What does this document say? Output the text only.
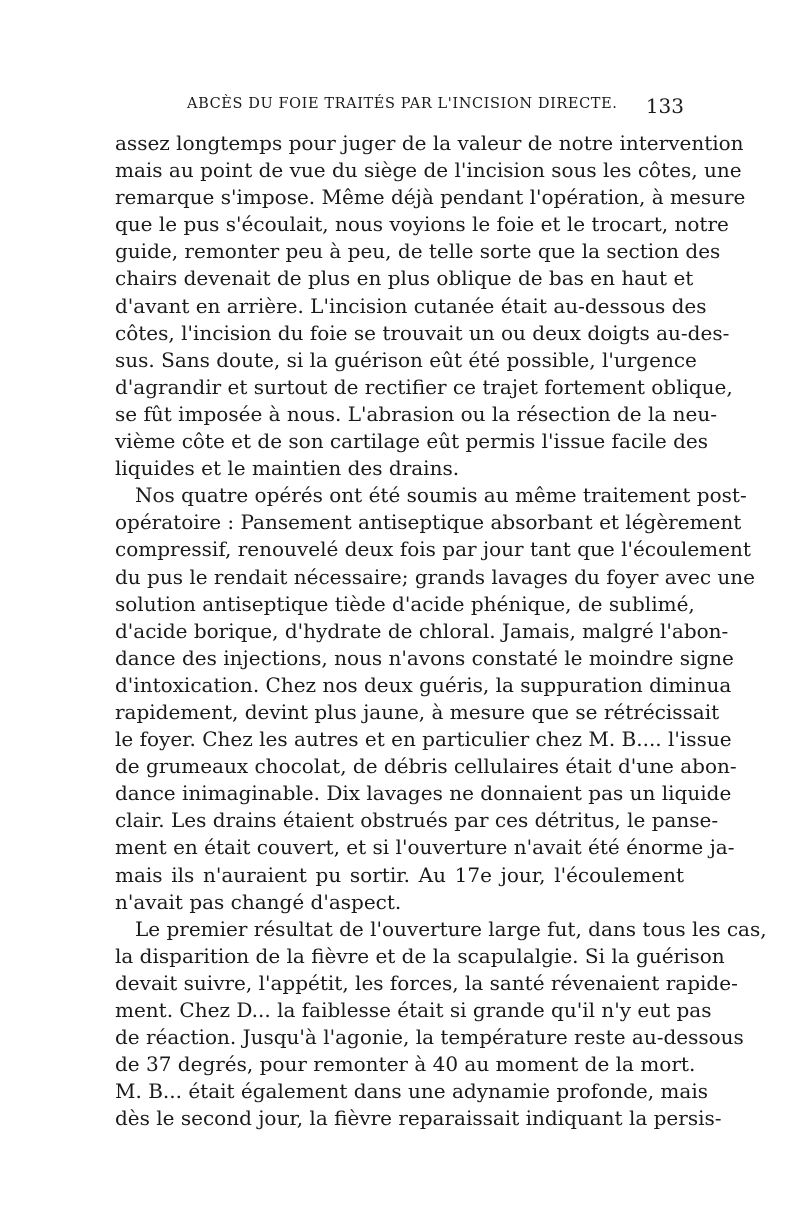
ABCÈS DU FOIE TRAITÉS PAR L'INCISION DIRECTE. 133
assez longtemps pour juger de la valeur de notre intervention
mais au point de vue du siège de l'incision sous les côtes, une
remarque s'impose. Même déjà pendant l'opération, à mesure
que le pus s'écoulait, nous voyions le foie et le trocart, notre
guide, remonter peu à peu, de telle sorte que la section des
chairs devenait de plus en plus oblique de bas en haut et
d'avant en arrière. L'incision cutanée était au-dessous des
côtes, l'incision du foie se trouvait un ou deux doigts au-des-
sus. Sans doute, si la guérison eût été possible, l'urgence
d'agrandir et surtout de rectifier ce trajet fortement oblique,
se fût imposée à nous. L'abrasion ou la résection de la neu-
vième côte et de son cartilage eût permis l'issue facile des
liquides et le maintien des drains.
Nos quatre opérés ont été soumis au même traitement post-
opératoire : Pansement antiseptique absorbant et légèrement
compressif, renouvelé deux fois par jour tant que l'écoulement
du pus le rendait nécessaire; grands lavages du foyer avec une
solution antiseptique tiède d'acide phénique, de sublimé,
d'acide borique, d'hydrate de chloral. Jamais, malgré l'abon-
dance des injections, nous n'avons constaté le moindre signe
d'intoxication. Chez nos deux guéris, la suppuration diminua
rapidement, devint plus jaune, à mesure que se rétrécissait
le foyer. Chez les autres et en particulier chez M. B.... l'issue
de grumeaux chocolat, de débris cellulaires était d'une abon-
dance inimaginable. Dix lavages ne donnaient pas un liquide
clair. Les drains étaient obstrués par ces détritus, le panse-
ment en était couvert, et si l'ouverture n'avait été énorme ja-
mais ils n'auraient pu sortir. Au 17e jour, l'écoulement
n'avait pas changé d'aspect.
Le premier résultat de l'ouverture large fut, dans tous les cas,
la disparition de la fièvre et de la scapulalgie. Si la guérison
devait suivre, l'appétit, les forces, la santé révenaient rapide-
ment. Chez D... la faiblesse était si grande qu'il n'y eut pas
de réaction. Jusqu'à l'agonie, la température reste au-dessous
de 37 degrés, pour remonter à 40 au moment de la mort.
M. B... était également dans une adynamie profonde, mais
dès le second jour, la fièvre reparaissait indiquant la persis-
